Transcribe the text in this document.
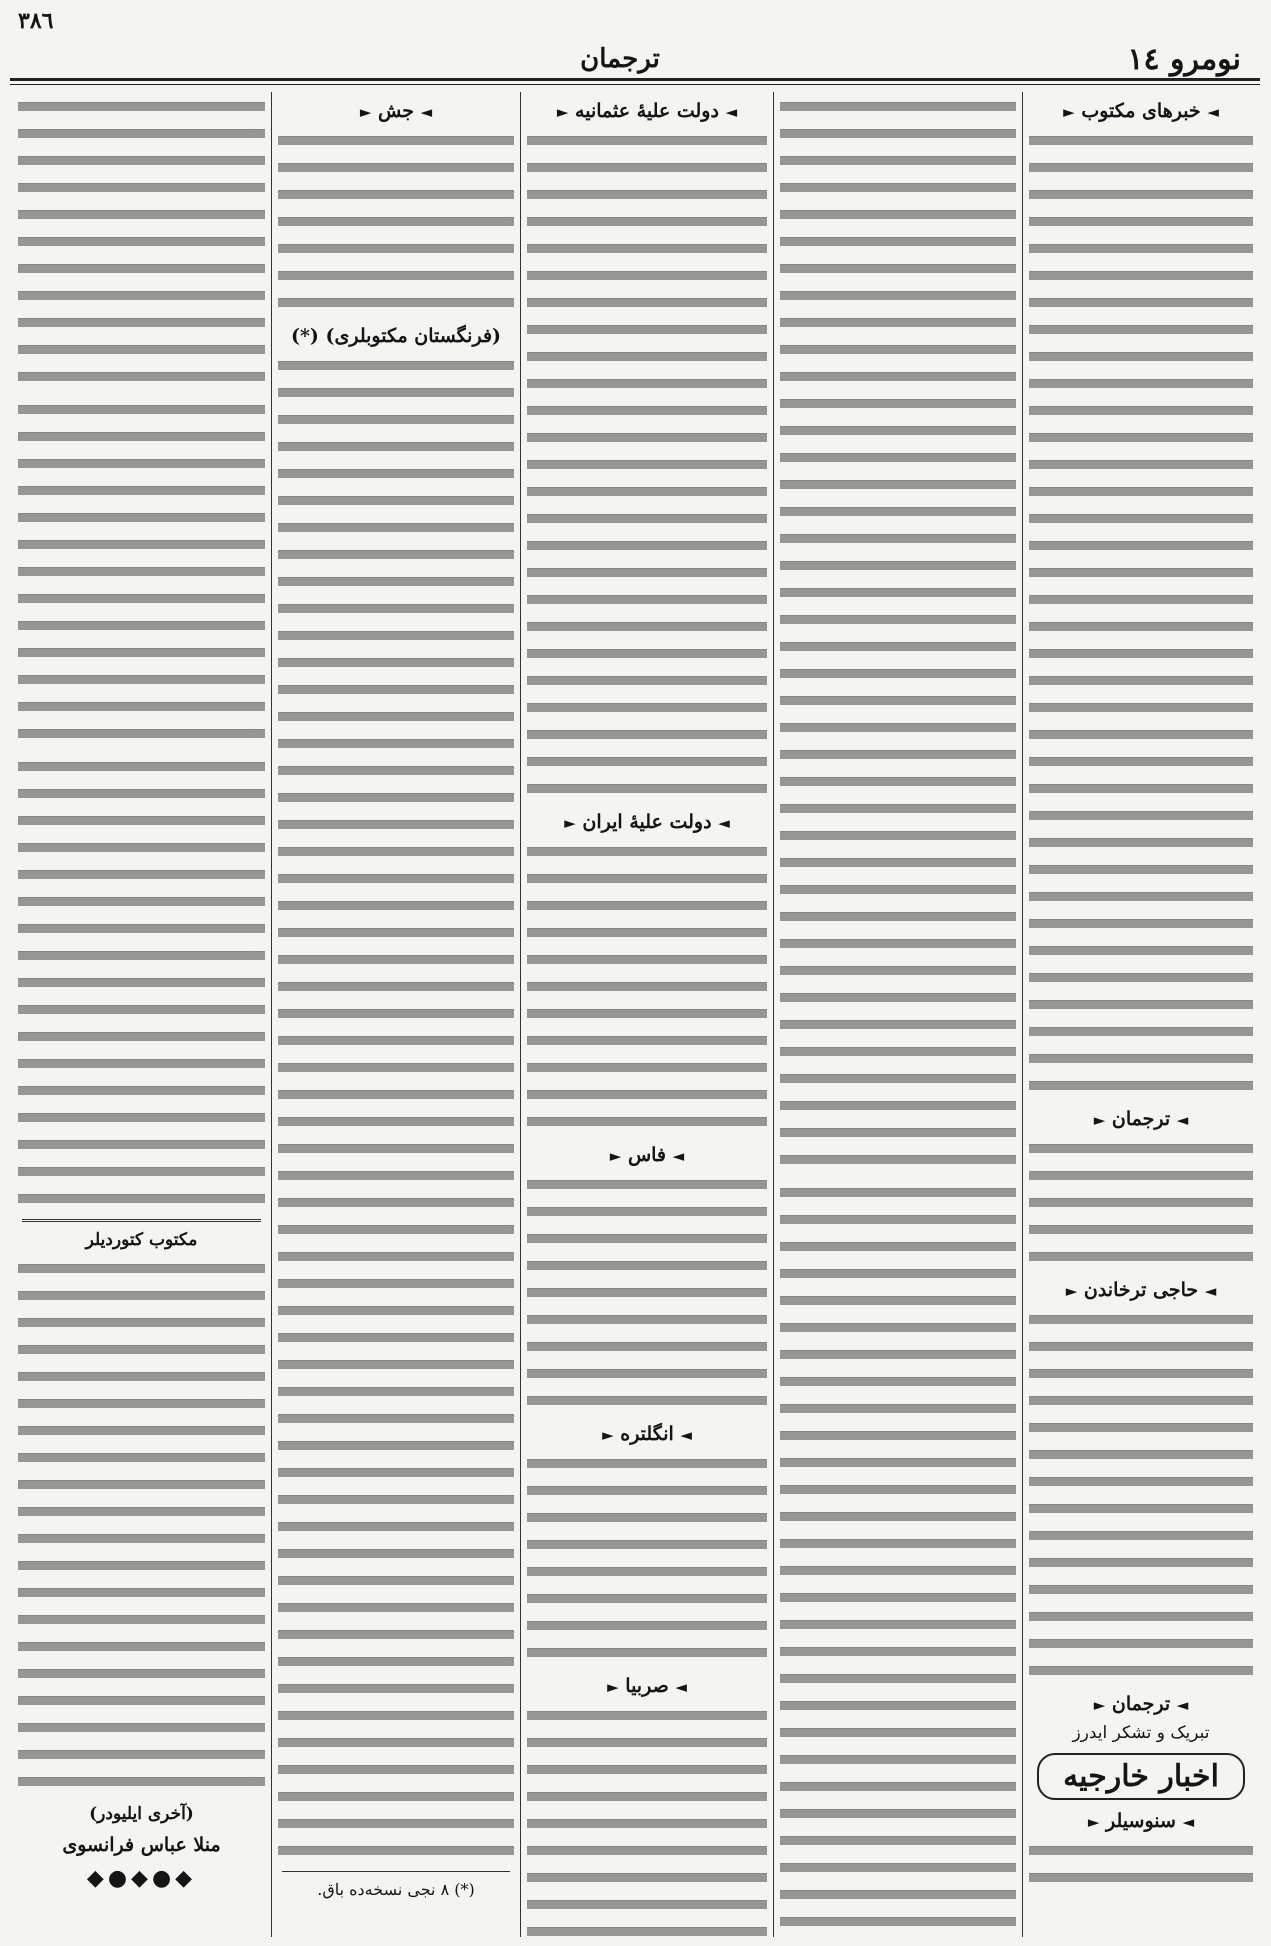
نومرو ١٤
ترجمان
٣٨٦
◄ خبرهای مکتوب ►
◄ ترجمان ►
◄ حاجی ترخاندن ►
◄ ترجمان ►
تبریک و تشکر ایدرز
اخبار خارجیه
◄ سنوسیلر ►
◄ دولت علیهٔ عثمانیه ►
◄ دولت علیهٔ ایران ►
◄ فاس ►
◄ انگلتره ►
◄ صربیا ►
◄ جش ►
(فرنگستان مکتوبلری) (*)
(*) ٨ نجی نسخه‌ده باق.
مکتوب کتوردیلر
(آخری ایلیودر)
منلا عباس فرانسوی
◆●◆●◆
